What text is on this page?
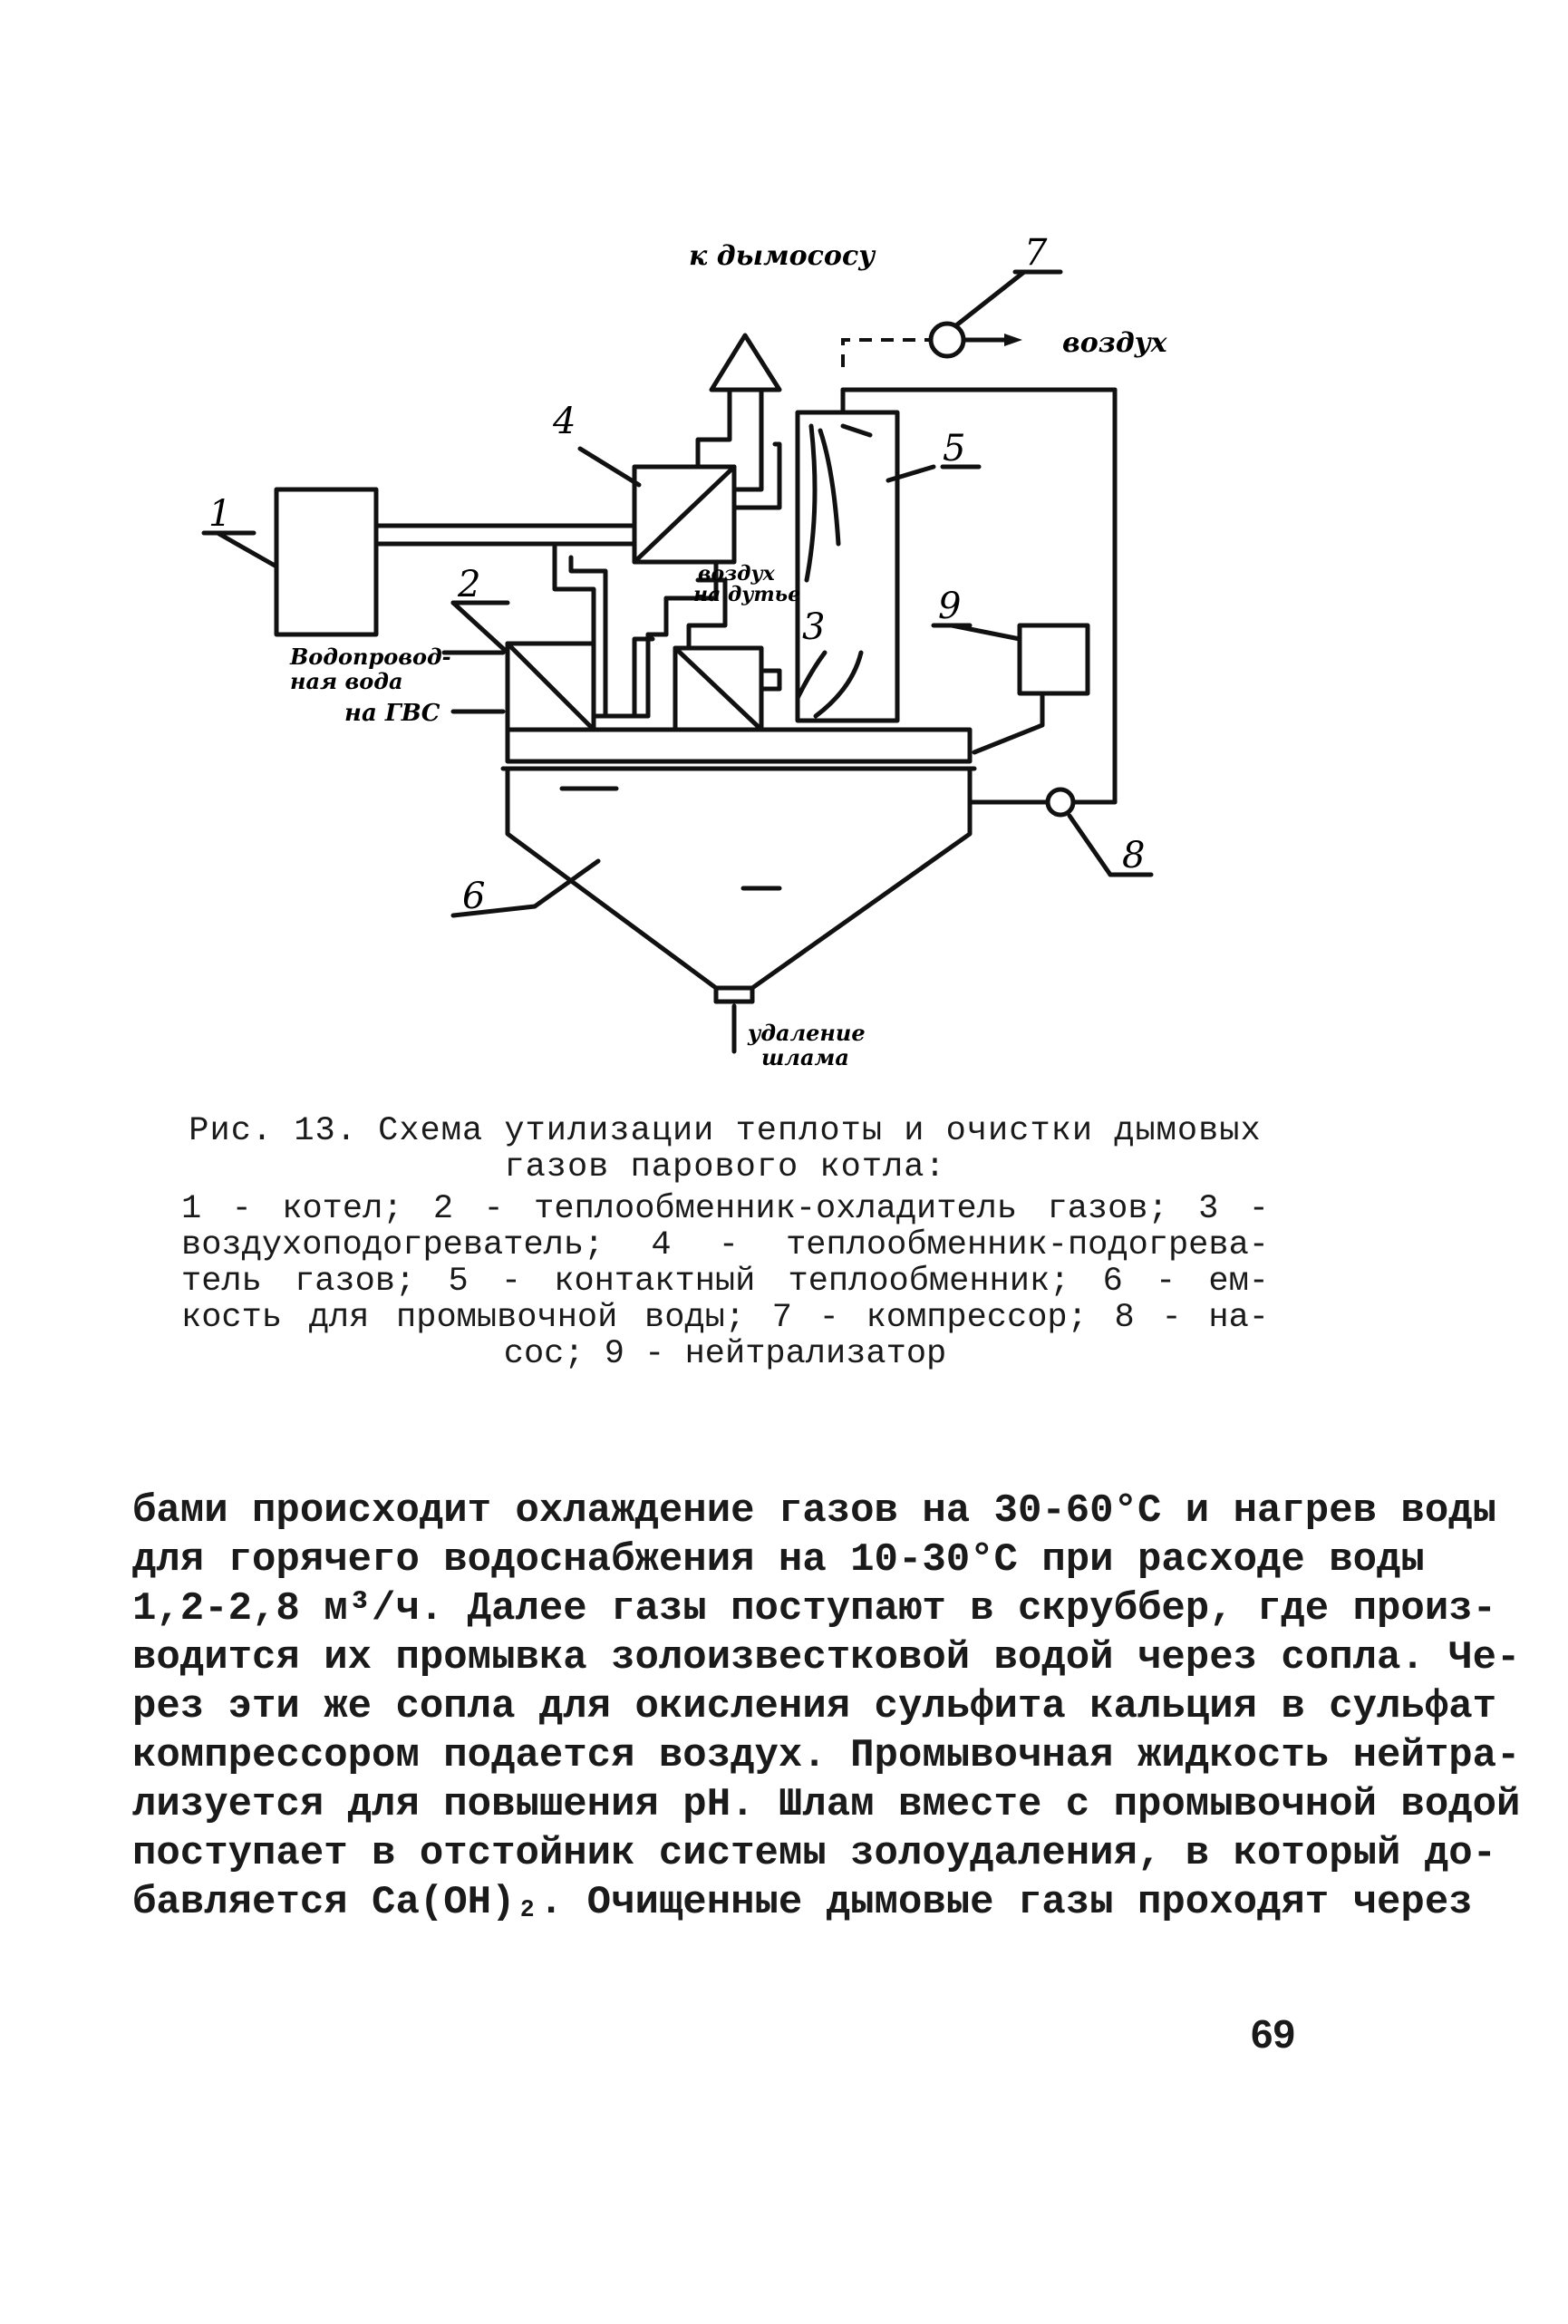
к дымососу
воздух
воздух
на дутье
Водопровод-
ная вода
на ГВС
удаление
шлама
1
2
3
4
5
6
7
8
9
Рис. 13. Схема утилизации теплоты и очистки дымовых
газов парового котла:
1 - котел; 2 - теплообменник-охладитель газов; 3 -
воздухоподогреватель; 4 - теплообменник-подогрева-
тель газов; 5 - контактный теплообменник; 6 - ем-
кость для промывочной воды; 7 - компрессор; 8 - на-
сос; 9 - нейтрализатор
бами происходит охлаждение газов на 30-60°С и нагрев воды
для горячего водоснабжения на 10-30°С при расходе воды
1,2-2,8 м³/ч. Далее газы поступают в скруббер, где произ-
водится их промывка золоизвестковой водой через сопла. Че-
рез эти же сопла для окисления сульфита кальция в сульфат
компрессором подается воздух. Промывочная жидкость нейтра-
лизуется для повышения pH. Шлам вместе с промывочной водой
поступает в отстойник системы золоудаления, в который до-
бавляется Са(ОН)₂. Очищенные дымовые газы проходят через
69
